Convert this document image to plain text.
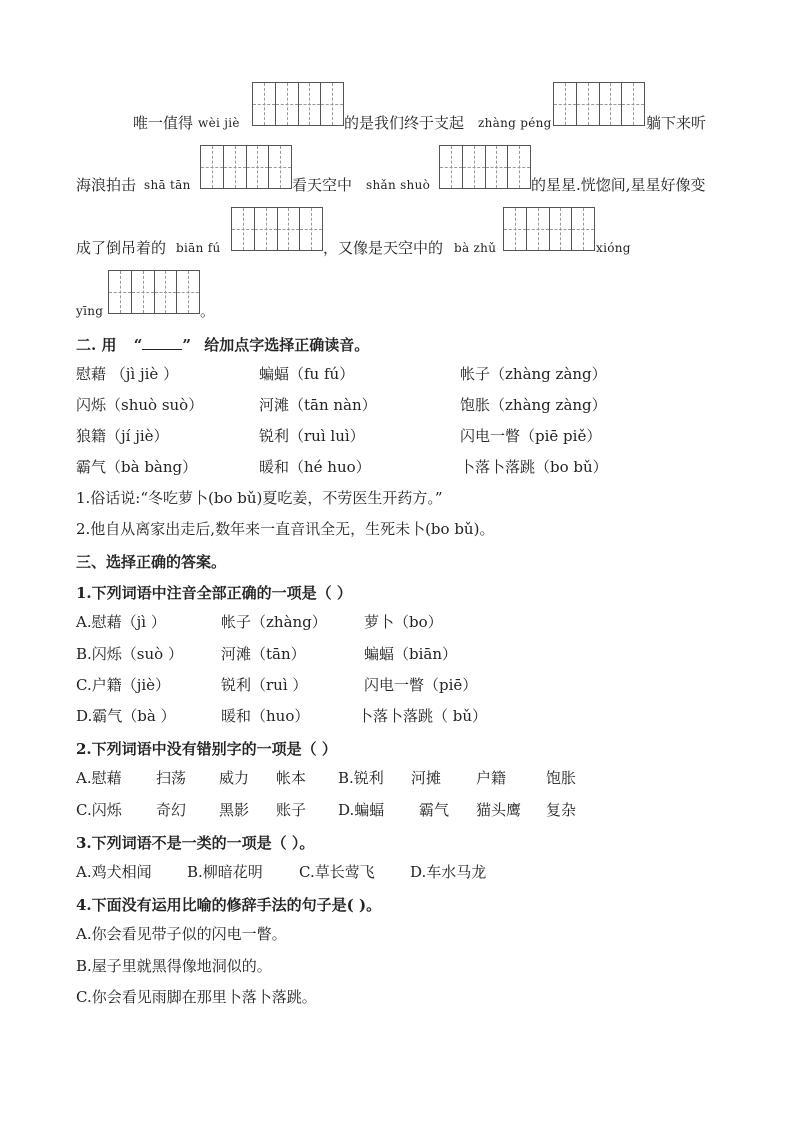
唯一值得 wèi jiè	的是我们终于支起 zhàng péng	躺下来听
海浪拍击 shā tān	看天空中 shǎn shuò	的星星.恍惚间,星星好像变
成了倒吊着的 biān fú	，又像是天空中的 bà zhǔ	xióng
yīng	。
二. 用 “	” 给加点字选择正确读音。
慰藉 （jì jiè ）	蝙蝠（fu fú）	帐子（zhàng zàng）
闪烁（shuò suò）	河滩（tān nàn）	饱胀（zhàng zàng）
狼籍（jí jiè）	锐利（ruì luì）	闪电一瞥（piē piě）
霸气（bà bàng）	暖和（hé huo）	卜落卜落跳（bo bǔ）
1.俗话说:“冬吃萝卜(bo bǔ)夏吃姜，不劳医生开药方。”
2.他自从离家出走后,数年来一直音讯全无，生死未卜(bo bǔ)。
三、选择正确的答案。
1.下列词语中注音全部正确的一项是（ ）
A.慰藉（jì ）	帐子（zhàng） 萝卜（bo）
B.闪烁（suò ）	河滩（tān）	蝙蝠（biān）
C.户籍（jiè）	锐利（ruì ）	闪电一瞥（piē）
D.霸气（bà ）	暖和（huo）	卜落卜落跳（ bǔ）
2.下列词语中没有错别字的一项是（ ）
A.慰藉 扫荡 威力 帐本 B.锐利 河摊 户籍	饱胀
C.闪烁 奇幻 黑影 账子 D.蝙蝠 霸气 猫头鹰 复杂
3.下列词语不是一类的一项是（ ）。
A.鸡犬相闻 B.柳暗花明 C.草长莺飞 D.车水马龙
4.下面没有运用比喻的修辞手法的句子是( )。
A.你会看见带子似的闪电一瞥。
B.屋子里就黑得像地洞似的。
C.你会看见雨脚在那里卜落卜落跳。
